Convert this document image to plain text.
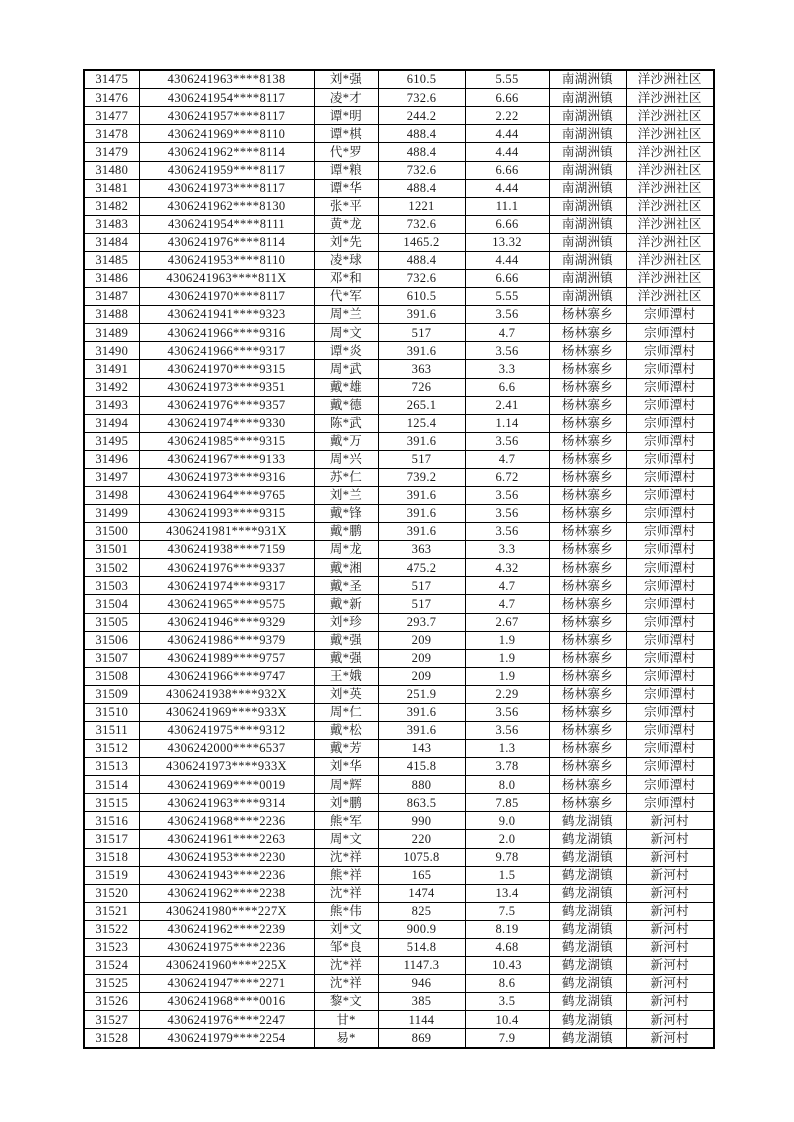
31475	4306241963****8138	刘*强	610.5	5.55	南湖洲镇	洋沙洲社区
31476	4306241954****8117	凌*才	732.6	6.66	南湖洲镇	洋沙洲社区
31477	4306241957****8117	谭*明	244.2	2.22	南湖洲镇	洋沙洲社区
31478	4306241969****8110	谭*棋	488.4	4.44	南湖洲镇	洋沙洲社区
31479	4306241962****8114	代*罗	488.4	4.44	南湖洲镇	洋沙洲社区
31480	4306241959****8117	谭*粮	732.6	6.66	南湖洲镇	洋沙洲社区
31481	4306241973****8117	谭*华	488.4	4.44	南湖洲镇	洋沙洲社区
31482	4306241962****8130	张*平	1221	11.1	南湖洲镇	洋沙洲社区
31483	4306241954****8111	黄*龙	732.6	6.66	南湖洲镇	洋沙洲社区
31484	4306241976****8114	刘*先	1465.2	13.32	南湖洲镇	洋沙洲社区
31485	4306241953****8110	凌*球	488.4	4.44	南湖洲镇	洋沙洲社区
31486	4306241963****811X	邓*和	732.6	6.66	南湖洲镇	洋沙洲社区
31487	4306241970****8117	代*军	610.5	5.55	南湖洲镇	洋沙洲社区
31488	4306241941****9323	周*兰	391.6	3.56	杨林寨乡	宗师潭村
31489	4306241966****9316	周*文	517	4.7	杨林寨乡	宗师潭村
31490	4306241966****9317	谭*炎	391.6	3.56	杨林寨乡	宗师潭村
31491	4306241970****9315	周*武	363	3.3	杨林寨乡	宗师潭村
31492	4306241973****9351	戴*雄	726	6.6	杨林寨乡	宗师潭村
31493	4306241976****9357	戴*德	265.1	2.41	杨林寨乡	宗师潭村
31494	4306241974****9330	陈*武	125.4	1.14	杨林寨乡	宗师潭村
31495	4306241985****9315	戴*万	391.6	3.56	杨林寨乡	宗师潭村
31496	4306241967****9133	周*兴	517	4.7	杨林寨乡	宗师潭村
31497	4306241973****9316	苏*仁	739.2	6.72	杨林寨乡	宗师潭村
31498	4306241964****9765	刘*兰	391.6	3.56	杨林寨乡	宗师潭村
31499	4306241993****9315	戴*锋	391.6	3.56	杨林寨乡	宗师潭村
31500	4306241981****931X	戴*鹏	391.6	3.56	杨林寨乡	宗师潭村
31501	4306241938****7159	周*龙	363	3.3	杨林寨乡	宗师潭村
31502	4306241976****9337	戴*湘	475.2	4.32	杨林寨乡	宗师潭村
31503	4306241974****9317	戴*圣	517	4.7	杨林寨乡	宗师潭村
31504	4306241965****9575	戴*新	517	4.7	杨林寨乡	宗师潭村
31505	4306241946****9329	刘*珍	293.7	2.67	杨林寨乡	宗师潭村
31506	4306241986****9379	戴*强	209	1.9	杨林寨乡	宗师潭村
31507	4306241989****9757	戴*强	209	1.9	杨林寨乡	宗师潭村
31508	4306241966****9747	王*娥	209	1.9	杨林寨乡	宗师潭村
31509	4306241938****932X	刘*英	251.9	2.29	杨林寨乡	宗师潭村
31510	4306241969****933X	周*仁	391.6	3.56	杨林寨乡	宗师潭村
31511	4306241975****9312	戴*松	391.6	3.56	杨林寨乡	宗师潭村
31512	4306242000****6537	戴*芳	143	1.3	杨林寨乡	宗师潭村
31513	4306241973****933X	刘*华	415.8	3.78	杨林寨乡	宗师潭村
31514	4306241969****0019	周*辉	880	8.0	杨林寨乡	宗师潭村
31515	4306241963****9314	刘*鹏	863.5	7.85	杨林寨乡	宗师潭村
31516	4306241968****2236	熊*军	990	9.0	鹤龙湖镇	新河村
31517	4306241961****2263	周*文	220	2.0	鹤龙湖镇	新河村
31518	4306241953****2230	沈*祥	1075.8	9.78	鹤龙湖镇	新河村
31519	4306241943****2236	熊*祥	165	1.5	鹤龙湖镇	新河村
31520	4306241962****2238	沈*祥	1474	13.4	鹤龙湖镇	新河村
31521	4306241980****227X	熊*伟	825	7.5	鹤龙湖镇	新河村
31522	4306241962****2239	刘*文	900.9	8.19	鹤龙湖镇	新河村
31523	4306241975****2236	邹*良	514.8	4.68	鹤龙湖镇	新河村
31524	4306241960****225X	沈*祥	1147.3	10.43	鹤龙湖镇	新河村
31525	4306241947****2271	沈*祥	946	8.6	鹤龙湖镇	新河村
31526	4306241968****0016	黎*文	385	3.5	鹤龙湖镇	新河村
31527	4306241976****2247	甘*	1144	10.4	鹤龙湖镇	新河村
31528	4306241979****2254	易*	869	7.9	鹤龙湖镇	新河村
